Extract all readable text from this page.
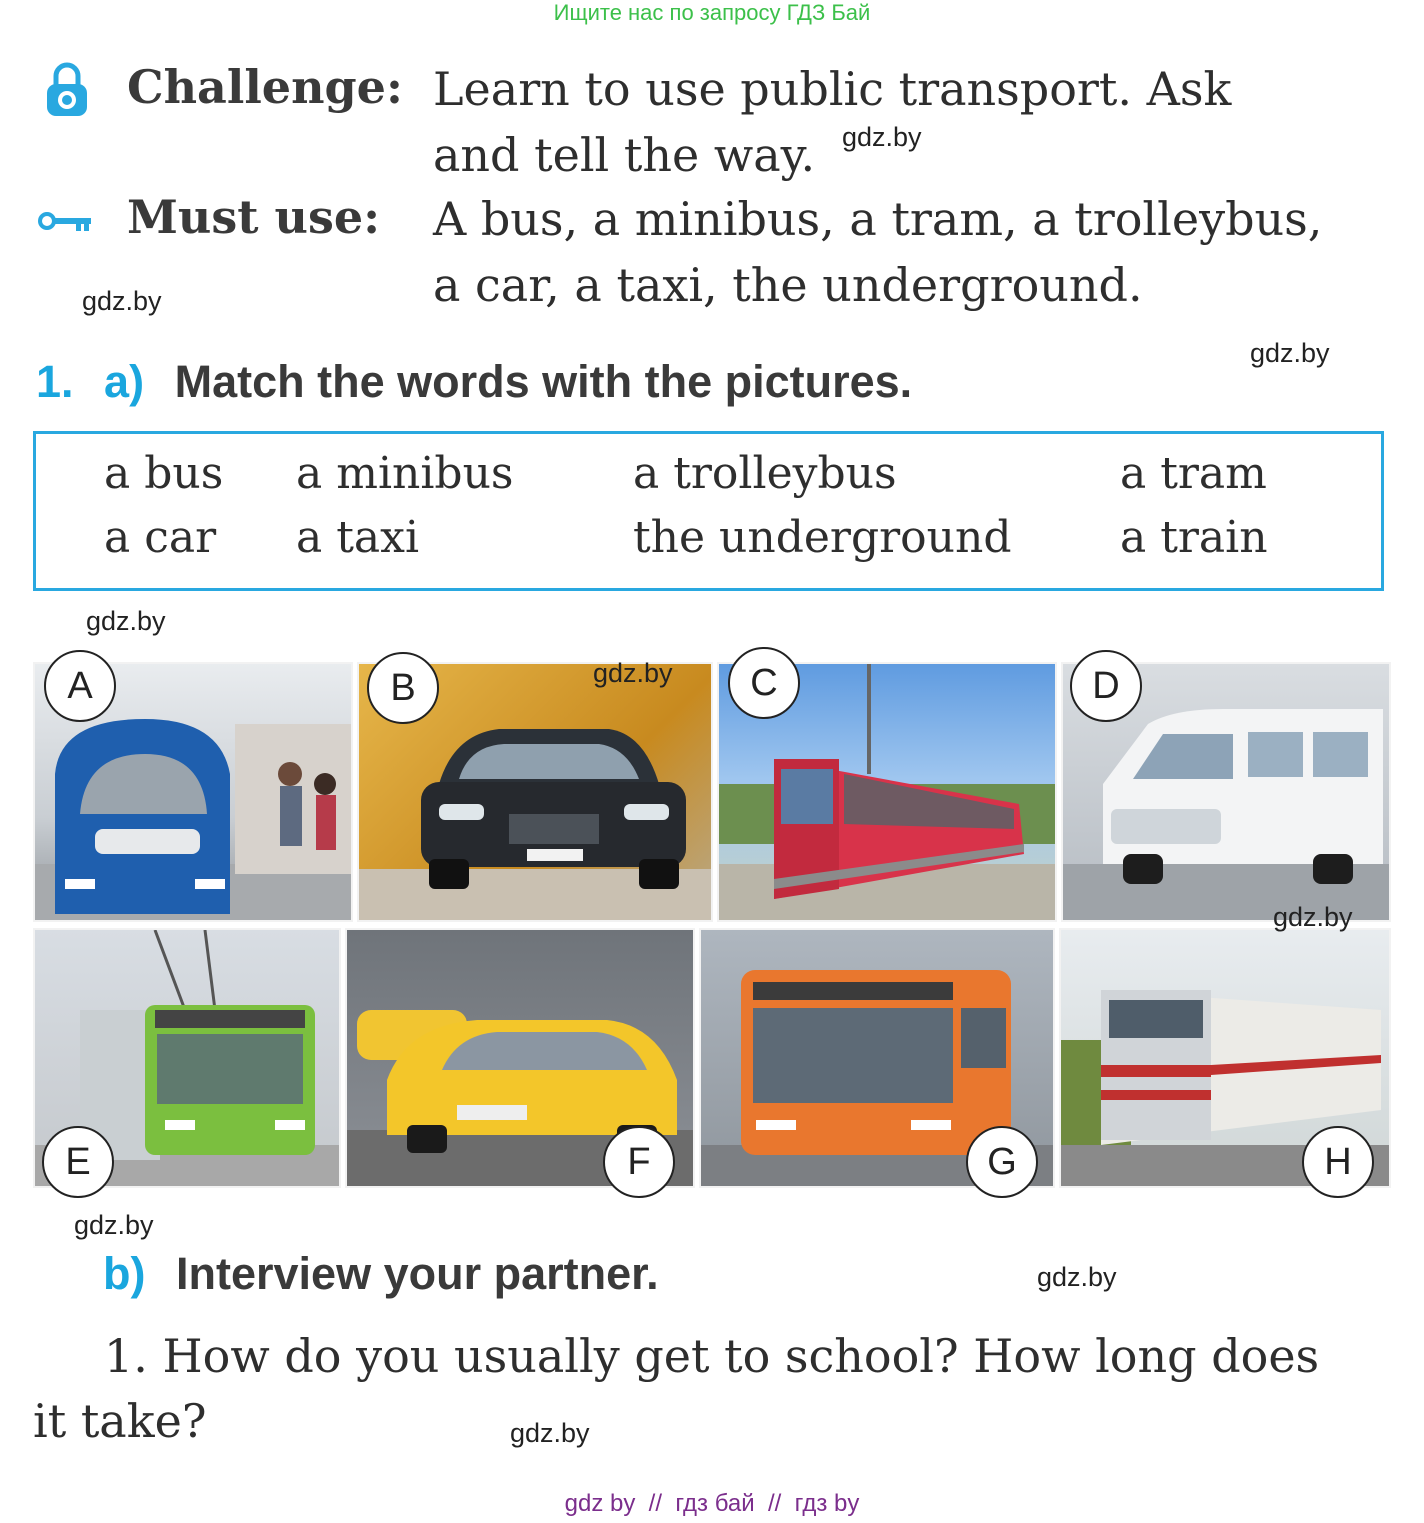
Ищите нас по запросу ГДЗ Бай
Challenge: Learn to use public transport. Ask
and tell the way. gdz.by
Must use: A bus, a minibus, a tram, a trolleybus,
a car, a taxi, the underground.
gdz.by
gdz.by
1. a) Match the words with the pictures.
a bus a minibus	a trolleybus	a tram
a car a taxi	the underground a train
gdz.by
A	B	C	D
E	F	G	H
gdz.by
gdz.by
gdz.by
b) Interview your partner.	gdz.by
1. How do you usually get to school? How long does
it take?	gdz.by
gdz by  //  гдз бай  //  гдз by
